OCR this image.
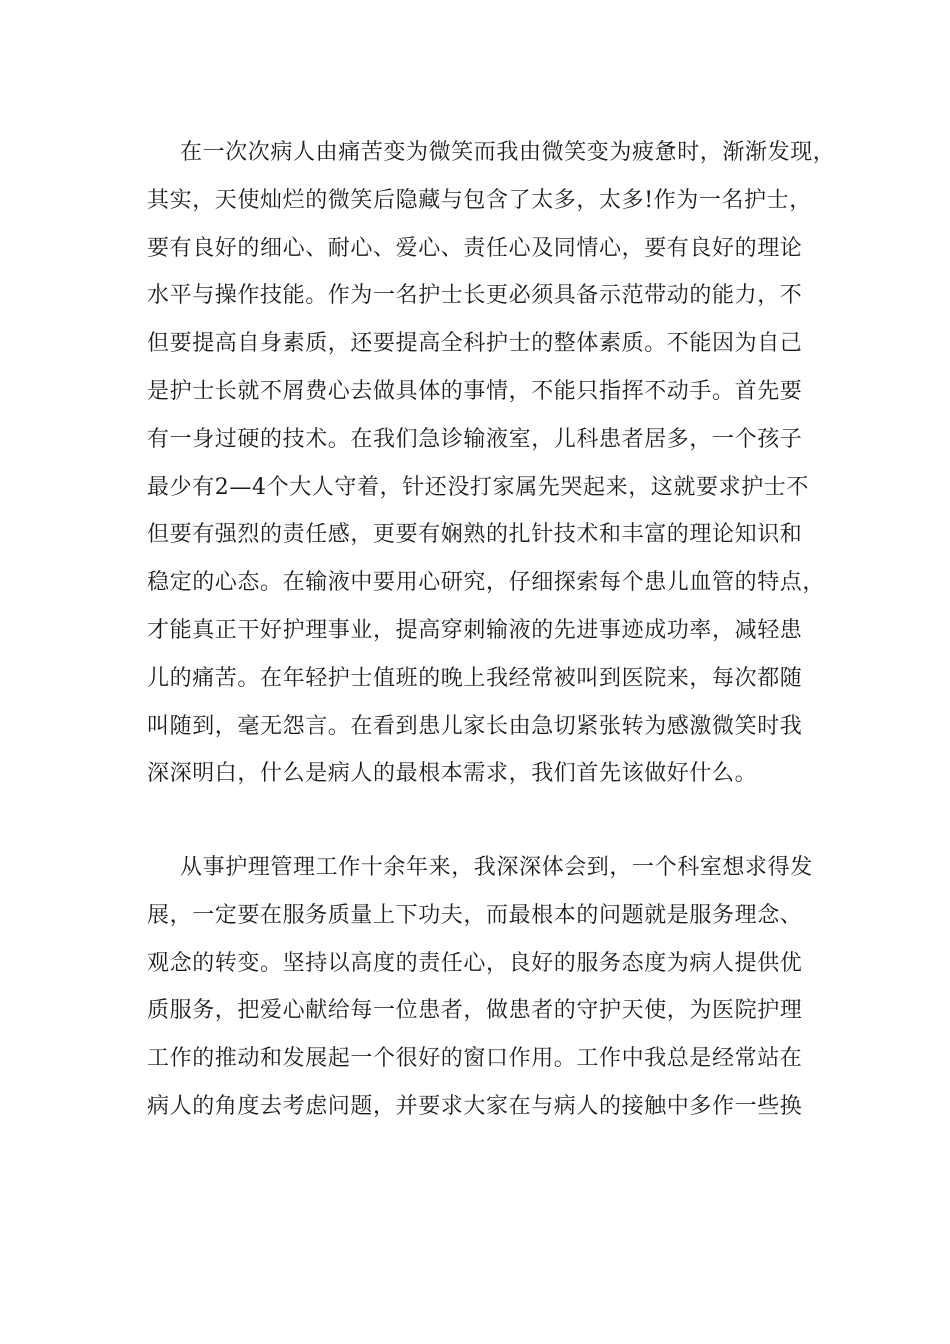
在一次次病人由痛苦变为微笑而我由微笑变为疲惫时，渐渐发现，
其实，天使灿烂的微笑后隐藏与包含了太多，太多!作为一名护士，
要有良好的细心、耐心、爱心、责任心及同情心，要有良好的理论
水平与操作技能。作为一名护士长更必须具备示范带动的能力，不
但要提高自身素质，还要提高全科护士的整体素质。不能因为自己
是护士长就不屑费心去做具体的事情，不能只指挥不动手。首先要
有一身过硬的技术。在我们急诊输液室，儿科患者居多，一个孩子
最少有2—4个大人守着，针还没打家属先哭起来，这就要求护士不
但要有强烈的责任感，更要有娴熟的扎针技术和丰富的理论知识和
稳定的心态。在输液中要用心研究，仔细探索每个患儿血管的特点，
才能真正干好护理事业，提高穿刺输液的先进事迹成功率，减轻患
儿的痛苦。在年轻护士值班的晚上我经常被叫到医院来，每次都随
叫随到，毫无怨言。在看到患儿家长由急切紧张转为感激微笑时我
深深明白，什么是病人的最根本需求，我们首先该做好什么。
从事护理管理工作十余年来，我深深体会到，一个科室想求得发
展，一定要在服务质量上下功夫，而最根本的问题就是服务理念、
观念的转变。坚持以高度的责任心，良好的服务态度为病人提供优
质服务，把爱心献给每一位患者，做患者的守护天使，为医院护理
工作的推动和发展起一个很好的窗口作用。工作中我总是经常站在
病人的角度去考虑问题，并要求大家在与病人的接触中多作一些换
